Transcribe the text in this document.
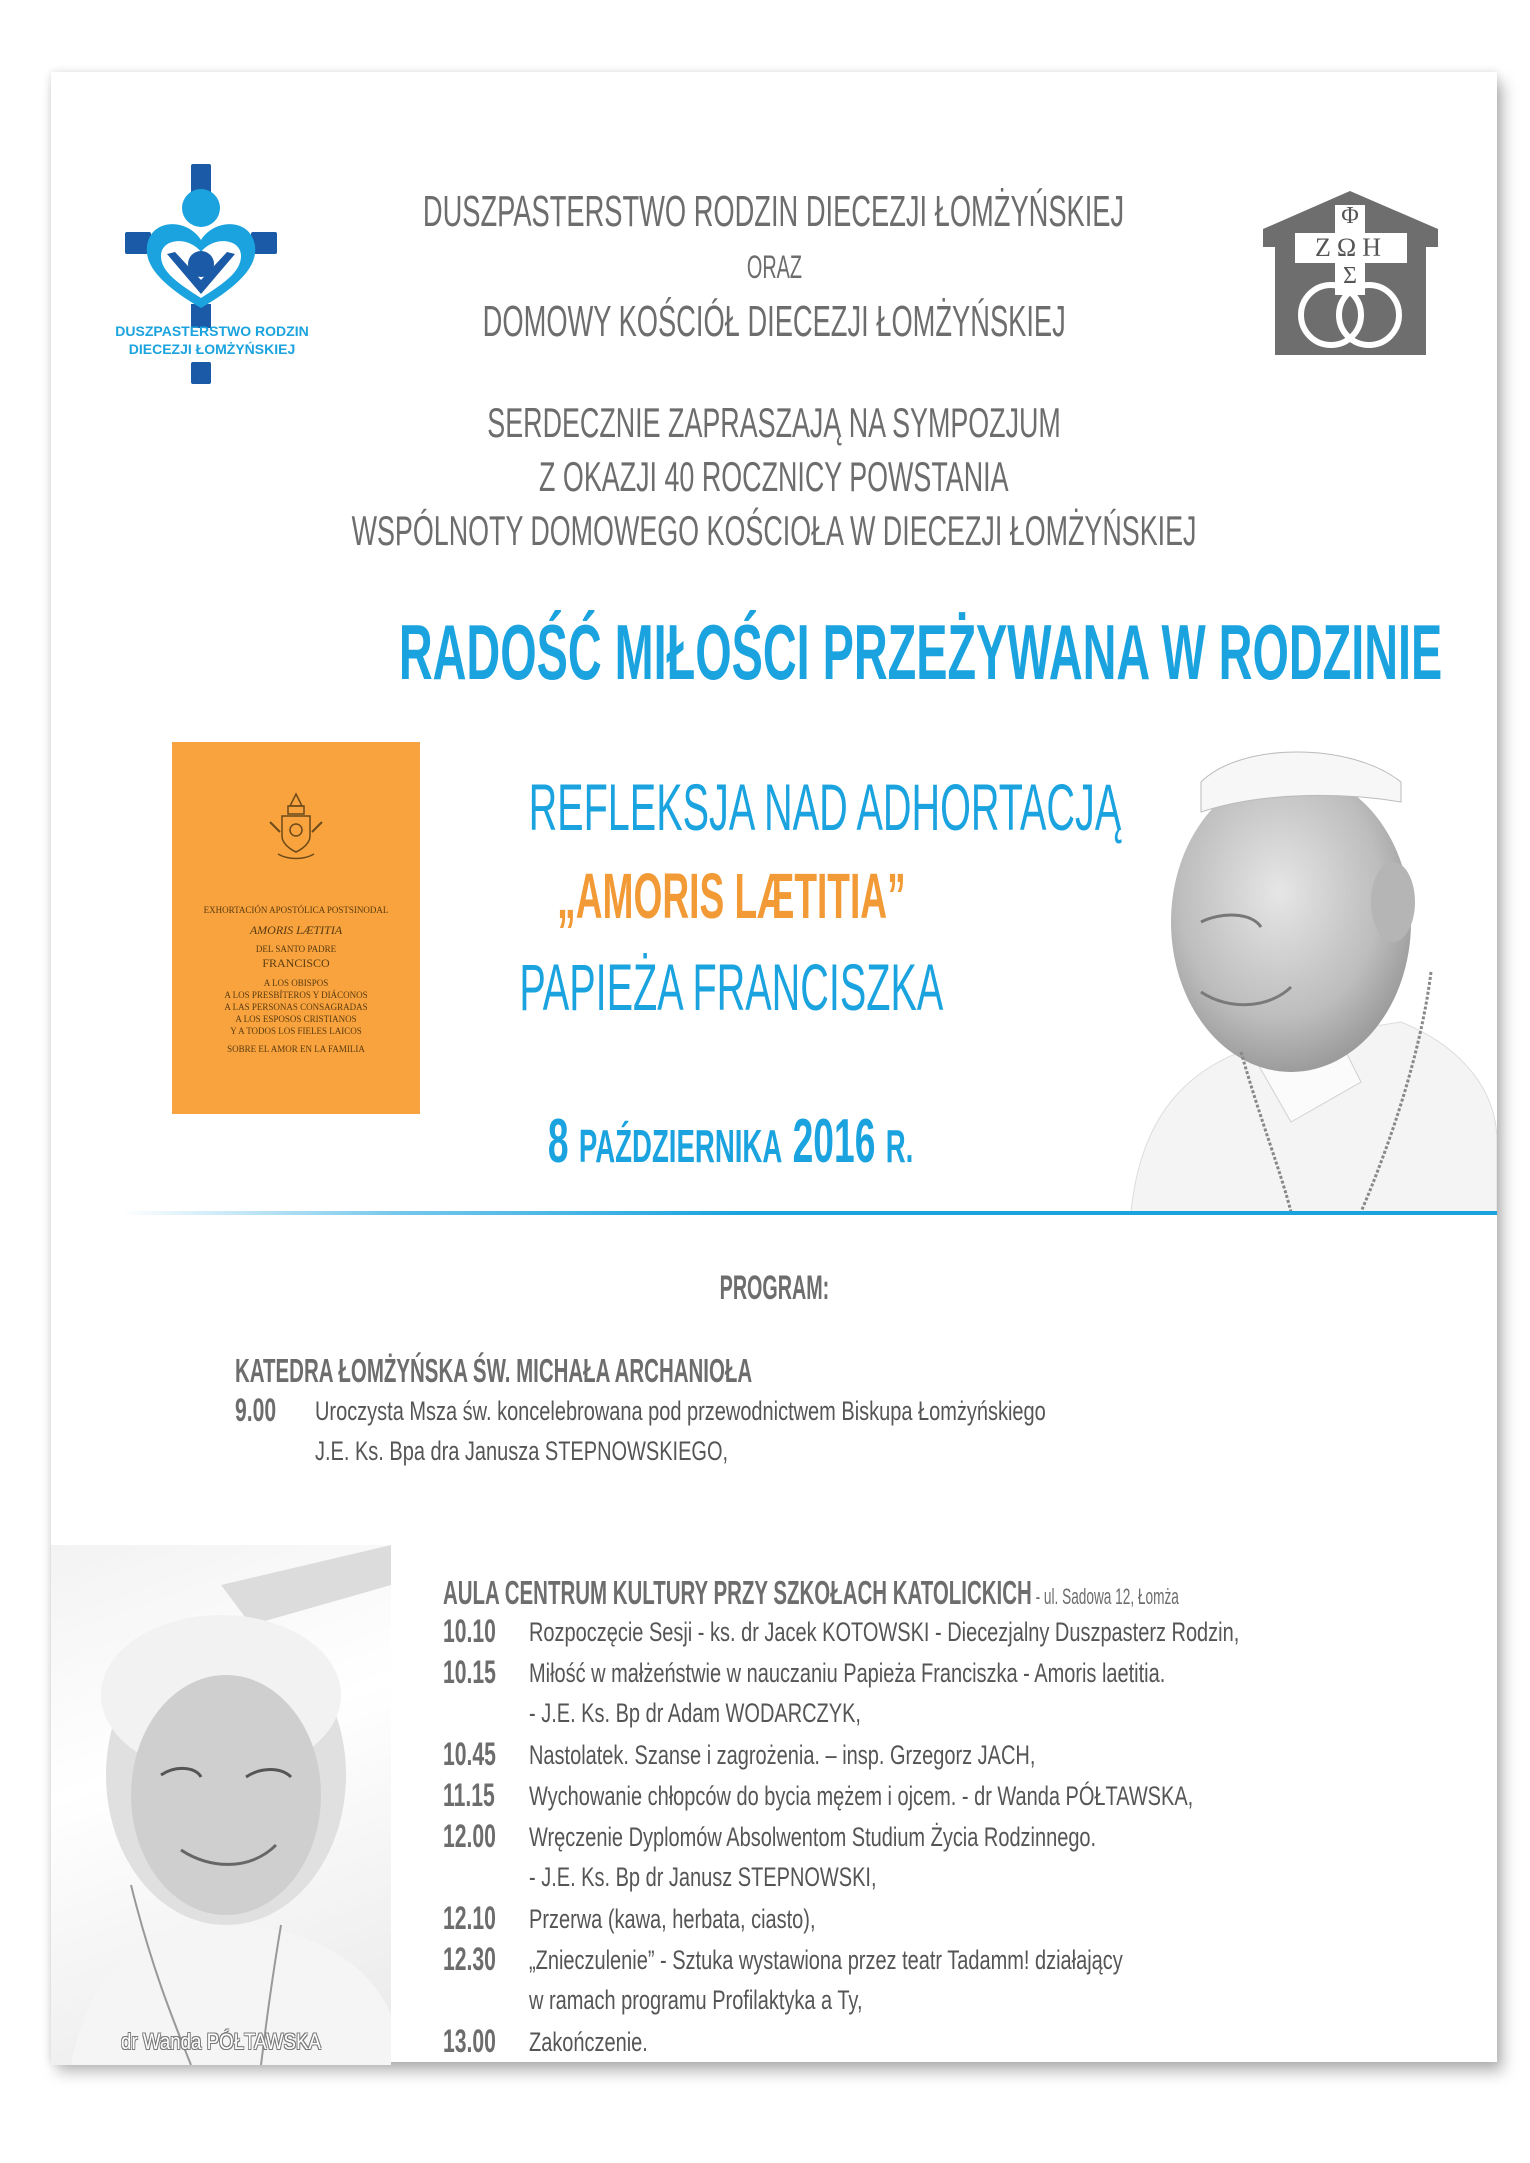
DUSZPASTERSTWO RODZIN
DIECEZJI ŁOMŻYŃSKIEJ
Φ
ΖΩΗ
Σ
DUSZPASTERSTWO RODZIN DIECEZJI ŁOMŻYŃSKIEJ
ORAZ
DOMOWY KOŚCIÓŁ DIECEZJI ŁOMŻYŃSKIEJ
SERDECZNIE ZAPRASZAJĄ NA SYMPOZJUM
Z OKAZJI 40 ROCZNICY POWSTANIA
WSPÓLNOTY DOMOWEGO KOŚCIOŁA W DIECEZJI ŁOMŻYŃSKIEJ
RADOŚĆ MIŁOŚCI PRZEŻYWANA W RODZINIE
EXHORTACIÓN APOSTÓLICA POSTSINODAL
AMORIS LÆTITIA
DEL SANTO PADRE
FRANCISCO
A LOS OBISPOS
A LOS PRESBÍTEROS Y DIÁCONOS
A LAS PERSONAS CONSAGRADAS
A LOS ESPOSOS CRISTIANOS
Y A TODOS LOS FIELES LAICOS
SOBRE EL AMOR EN LA FAMILIA
REFLEKSJA NAD ADHORTACJĄ
„AMORIS LÆTITIA”
PAPIEŻA FRANCISZKA
8 PAŹDZIERNIKA 2016 R.
PROGRAM:
KATEDRA ŁOMŻYŃSKA ŚW. MICHAŁA ARCHANIOŁA
9.00 Uroczysta Msza św. koncelebrowana pod przewodnictwem Biskupa Łomżyńskiego
J.E. Ks. Bpa dra Janusza STEPNOWSKIEGO,
AULA CENTRUM KULTURY PRZY SZKOŁACH KATOLICKICH - ul. Sadowa 12, Łomża
10.10 Rozpoczęcie Sesji - ks. dr Jacek KOTOWSKI - Diecezjalny Duszpasterz Rodzin,
10.15 Miłość w małżeństwie w nauczaniu Papieża Franciszka - Amoris laetitia.
- J.E. Ks. Bp dr Adam WODARCZYK,
10.45 Nastolatek. Szanse i zagrożenia. – insp. Grzegorz JACH,
11.15 Wychowanie chłopców do bycia mężem i ojcem. - dr Wanda PÓŁTAWSKA,
12.00 Wręczenie Dyplomów Absolwentom Studium Życia Rodzinnego.
- J.E. Ks. Bp dr Janusz STEPNOWSKI,
12.10 Przerwa (kawa, herbata, ciasto),
12.30 „Znieczulenie” - Sztuka wystawiona przez teatr Tadamm! działający
w ramach programu Profilaktyka a Ty,
13.00 Zakończenie.
dr Wanda PÓŁTAWSKA
